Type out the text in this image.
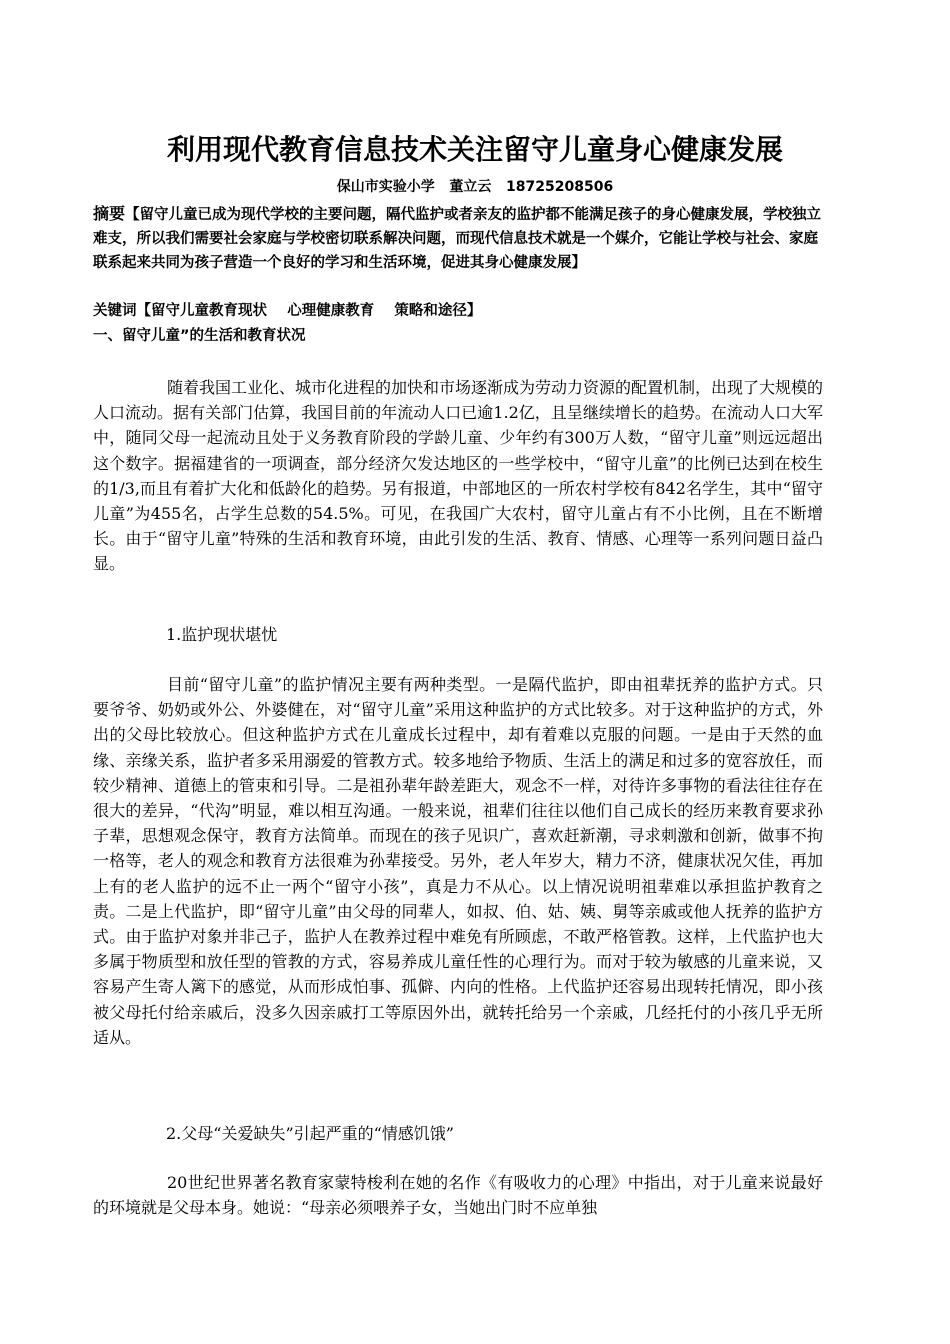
利用现代教育信息技术关注留守儿童身心健康发展

保山市实验小学   董立云   18725208506

摘要【留守儿童已成为现代学校的主要问题，隔代监护或者亲友的监护都不能满足孩子的身心健康发展，学校独立难支，所以我们需要社会家庭与学校密切联系解决问题，而现代信息技术就是一个媒介，它能让学校与社会、家庭联系起来共同为孩子营造一个良好的学习和生活环境，促进其身心健康发展】

关键词【留守儿童教育现状    心理健康教育    策略和途径】

一、留守儿童”的生活和教育状况

随着我国工业化、城市化进程的加快和市场逐渐成为劳动力资源的配置机制，出现了大规模的人口流动。据有关部门估算，我国目前的年流动人口已逾1.2亿，且呈继续增长的趋势。在流动人口大军中，随同父母一起流动且处于义务教育阶段的学龄儿童、少年约有300万人数，“留守儿童”则远远超出这个数字。据福建省的一项调查，部分经济欠发达地区的一些学校中，“留守儿童”的比例已达到在校生的1/3,而且有着扩大化和低龄化的趋势。另有报道，中部地区的一所农村学校有842名学生，其中“留守儿童”为455名，占学生总数的54.5%。可见，在我国广大农村，留守儿童占有不小比例，且在不断增长。由于“留守儿童”特殊的生活和教育环境，由此引发的生活、教育、情感、心理等一系列问题日益凸显。

1.监护现状堪忧

目前“留守儿童”的监护情况主要有两种类型。一是隔代监护，即由祖辈抚养的监护方式。只要爷爷、奶奶或外公、外婆健在，对“留守儿童”采用这种监护的方式比较多。对于这种监护的方式，外出的父母比较放心。但这种监护方式在儿童成长过程中，却有着难以克服的问题。一是由于天然的血缘、亲缘关系，监护者多采用溺爱的管教方式。较多地给予物质、生活上的满足和过多的宽容放任，而较少精神、道德上的管束和引导。二是祖孙辈年龄差距大，观念不一样，对待许多事物的看法往往存在很大的差异，“代沟”明显，难以相互沟通。一般来说，祖辈们往往以他们自己成长的经历来教育要求孙子辈，思想观念保守，教育方法简单。而现在的孩子见识广，喜欢赶新潮，寻求刺激和创新，做事不拘一格等，老人的观念和教育方法很难为孙辈接受。另外，老人年岁大，精力不济，健康状况欠佳，再加上有的老人监护的远不止一两个“留守小孩”，真是力不从心。以上情况说明祖辈难以承担监护教育之责。二是上代监护，即“留守儿童”由父母的同辈人，如叔、伯、姑、姨、舅等亲戚或他人抚养的监护方式。由于监护对象并非己子，监护人在教养过程中难免有所顾虑，不敢严格管教。这样，上代监护也大多属于物质型和放任型的管教的方式，容易养成儿童任性的心理行为。而对于较为敏感的儿童来说，又容易产生寄人篱下的感觉，从而形成怕事、孤僻、内向的性格。上代监护还容易出现转托情况，即小孩被父母托付给亲戚后，没多久因亲戚打工等原因外出，就转托给另一个亲戚，几经托付的小孩几乎无所适从。

2.父母“关爱缺失”引起严重的“情感饥饿”

20世纪世界著名教育家蒙特梭利在她的名作《有吸收力的心理》中指出，对于儿童来说最好的环境就是父母本身。她说：“母亲必须喂养子女，当她出门时不应单独
